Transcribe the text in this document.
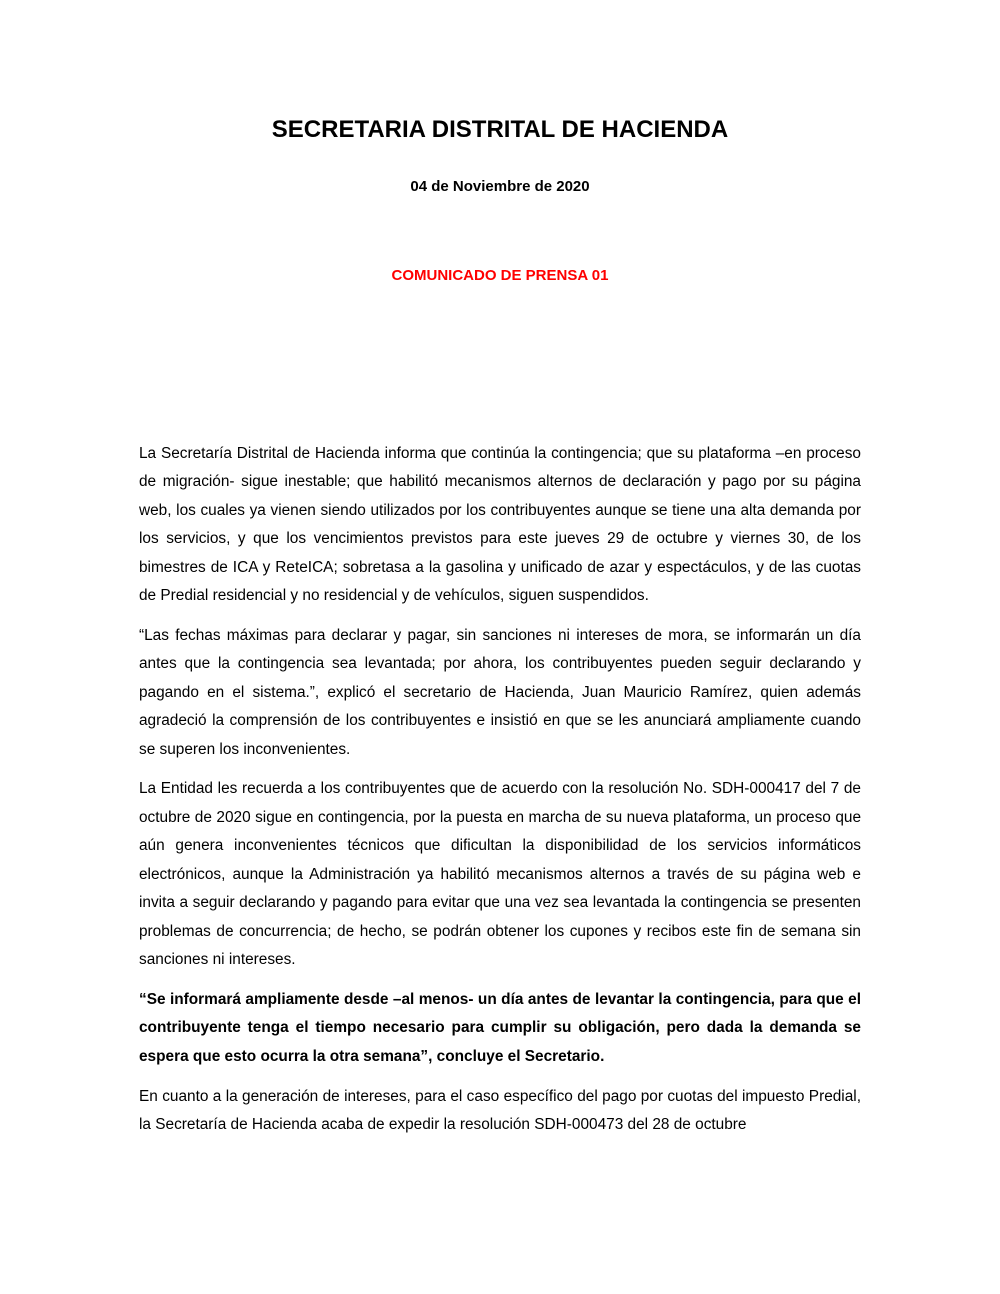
SECRETARIA DISTRITAL DE HACIENDA

04 de Noviembre de 2020

COMUNICADO DE PRENSA 01

La Secretaría Distrital de Hacienda informa que continúa la contingencia; que su plataforma –en proceso de migración- sigue inestable; que habilitó mecanismos alternos de declaración y pago por su página web, los cuales ya vienen siendo utilizados por los contribuyentes aunque se tiene una alta demanda por los servicios, y que los vencimientos previstos para este jueves 29 de octubre y viernes 30, de los bimestres de ICA y ReteICA; sobretasa a la gasolina y unificado de azar y espectáculos, y de las cuotas de Predial residencial y no residencial y de vehículos, siguen suspendidos.

“Las fechas máximas para declarar y pagar, sin sanciones ni intereses de mora, se informarán un día antes que la contingencia sea levantada; por ahora, los contribuyentes pueden seguir declarando y pagando en el sistema.”, explicó el secretario de Hacienda, Juan Mauricio Ramírez, quien además agradeció la comprensión de los contribuyentes e insistió en que se les anunciará ampliamente cuando se superen los inconvenientes.

La Entidad les recuerda a los contribuyentes que de acuerdo con la resolución No. SDH-000417 del 7 de octubre de 2020 sigue en contingencia, por la puesta en marcha de su nueva plataforma, un proceso que aún genera inconvenientes técnicos que dificultan la disponibilidad de los servicios informáticos electrónicos, aunque la Administración ya habilitó mecanismos alternos a través de su página web e invita a seguir declarando y pagando para evitar que una vez sea levantada la contingencia se presenten problemas de concurrencia; de hecho, se podrán obtener los cupones y recibos este fin de semana sin sanciones ni intereses.

“Se informará ampliamente desde –al menos- un día antes de levantar la contingencia, para que el contribuyente tenga el tiempo necesario para cumplir su obligación, pero dada la demanda se espera que esto ocurra la otra semana”, concluye el Secretario.

En cuanto a la generación de intereses, para el caso específico del pago por cuotas del impuesto Predial, la Secretaría de Hacienda acaba de expedir la resolución SDH-000473 del 28 de octubre
